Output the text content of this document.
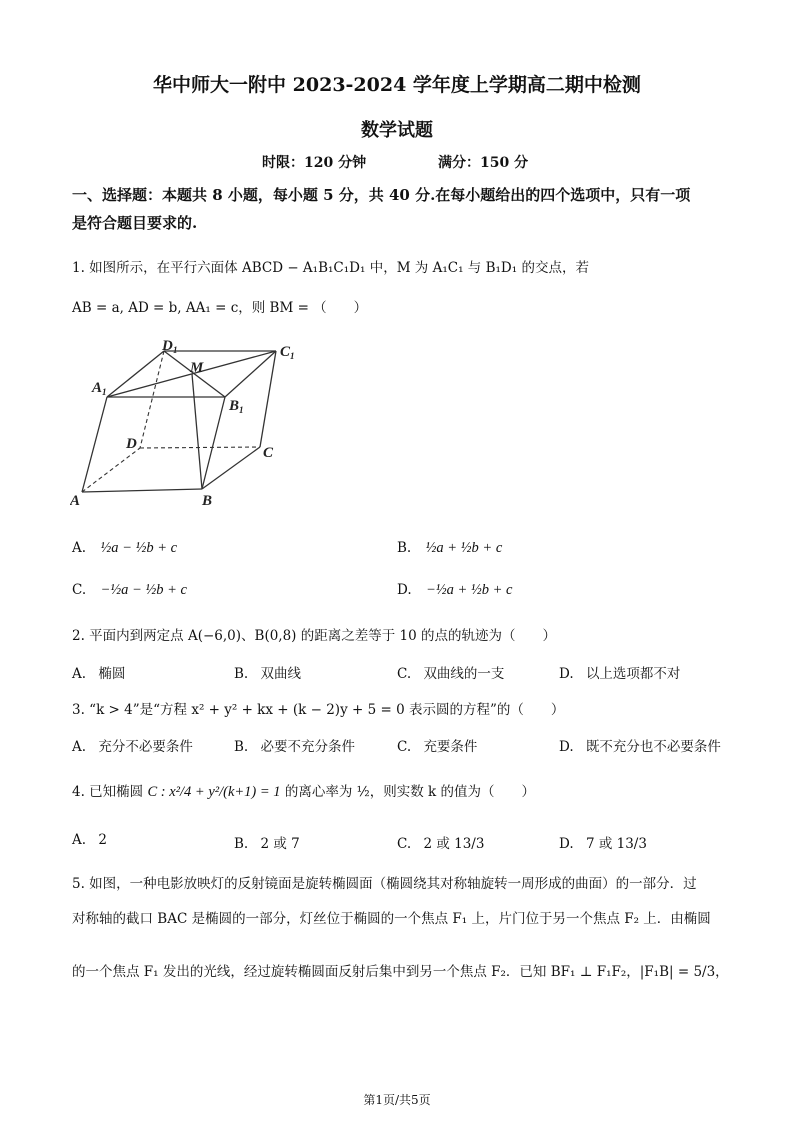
华中师大一附中 2023-2024 学年度上学期高二期中检测
数学试题
时限：120 分钟	满分：150 分
一、选择题：本题共 8 小题，每小题 5 分，共 40 分.在每小题给出的四个选项中，只有一项
是符合题目要求的.
1. 如图所示，在平行六面体 ABCD − A₁B₁C₁D₁ 中，M 为 A₁C₁ 与 B₁D₁ 的交点，若
AB = a, AD = b, AA₁ = c，则 BM = （　　）
A	B
C
D
A 1
B 1
C 1
D 1
M
A. ½a − ½b + c	B. ½a + ½b + c
C. −½a − ½b + c	D. −½a + ½b + c
2. 平面内到两定点 A(−6,0)、B(0,8) 的距离之差等于 10 的点的轨迹为（　　）
A. 椭圆	B. 双曲线	C. 双曲线的一支	D. 以上选项都不对
3. “k > 4”是“方程 x² + y² + kx + (k − 2)y + 5 = 0 表示圆的方程”的（　　）
A. 充分不必要条件	B. 必要不充分条件	C. 充要条件	D. 既不充分也不必要条件
4. 已知椭圆 C : x²/4 + y²/(k+1) = 1 的离心率为 ½，则实数 k 的值为（　　）
A. 2	B. 2 或 7	C. 2 或 13/3	D. 7 或 13/3
5. 如图，一种电影放映灯的反射镜面是旋转椭圆面（椭圆绕其对称轴旋转一周形成的曲面）的一部分．过
对称轴的截口 BAC 是椭圆的一部分，灯丝位于椭圆的一个焦点 F₁ 上，片门位于另一个焦点 F₂ 上．由椭圆
的一个焦点 F₁ 发出的光线，经过旋转椭圆面反射后集中到另一个焦点 F₂．已知 BF₁ ⊥ F₁F₂，|F₁B| = 5/3，
第1页/共5页
